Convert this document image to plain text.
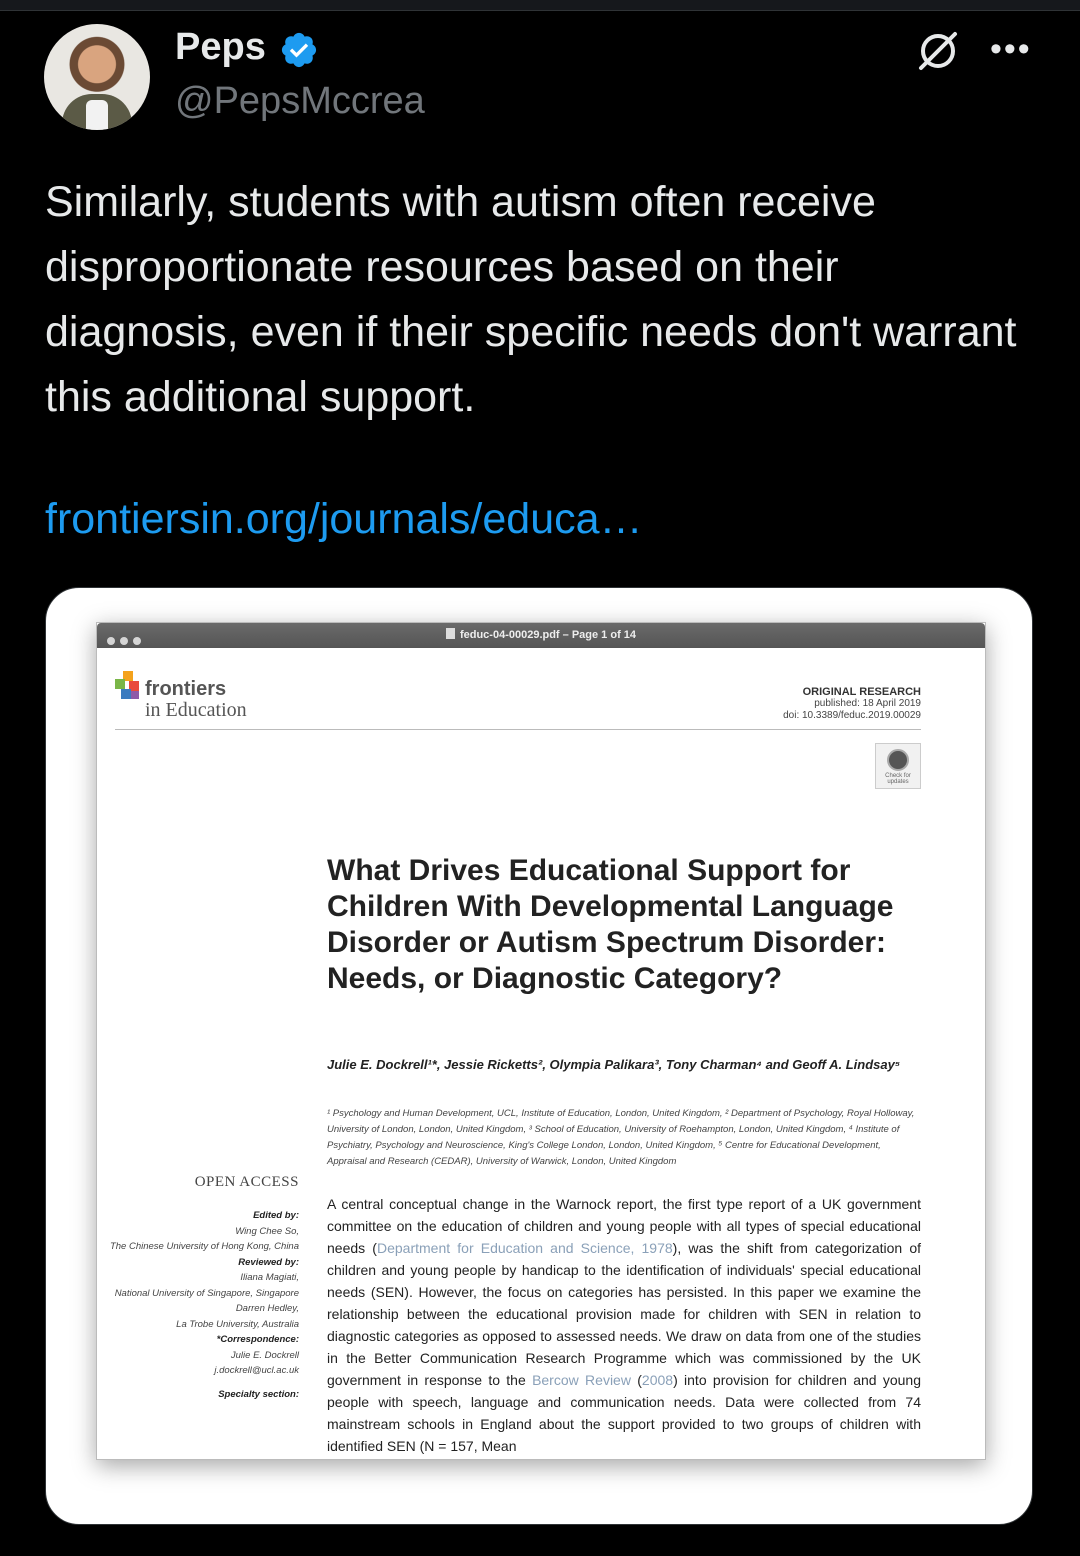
Peps
@PepsMccrea
•••

Similarly, students with autism often receive disproportionate resources based on their diagnosis, even if their specific needs don't warrant this additional support.

frontiersin.org/journals/educa…
feduc-04-00029.pdf – Page 1 of 14
frontiers
in Education
ORIGINAL RESEARCH
published: 18 April 2019
doi: 10.3389/feduc.2019.00029
Check for updates
What Drives Educational Support for Children With Developmental Language Disorder or Autism Spectrum Disorder: Needs, or Diagnostic Category?
Julie E. Dockrell¹*, Jessie Ricketts², Olympia Palikara³, Tony Charman⁴ and Geoff A. Lindsay⁵
¹ Psychology and Human Development, UCL, Institute of Education, London, United Kingdom, ² Department of Psychology, Royal Holloway, University of London, London, United Kingdom, ³ School of Education, University of Roehampton, London, United Kingdom, ⁴ Institute of Psychiatry, Psychology and Neuroscience, King's College London, London, United Kingdom, ⁵ Centre for Educational Development, Appraisal and Research (CEDAR), University of Warwick, London, United Kingdom
OPEN ACCESS
Edited by:
Wing Chee So,
The Chinese University of Hong Kong, China
Reviewed by:
Iliana Magiati,
National University of Singapore, Singapore
Darren Hedley,
La Trobe University, Australia
*Correspondence:
Julie E. Dockrell
j.dockrell@ucl.ac.uk
Specialty section:

A central conceptual change in the Warnock report, the first type report of a UK government committee on the education of children and young people with all types of special educational needs (Department for Education and Science, 1978), was the shift from categorization of children and young people by handicap to the identification of individuals' special educational needs (SEN). However, the focus on categories has persisted. In this paper we examine the relationship between the educational provision made for children with SEN in relation to diagnostic categories as opposed to assessed needs. We draw on data from one of the studies in the Better Communication Research Programme which was commissioned by the UK government in response to the Bercow Review (2008) into provision for children and young people with speech, language and communication needs. Data were collected from 74 mainstream schools in England about the support provided to two groups of children with identified SEN (N = 157, Mean
